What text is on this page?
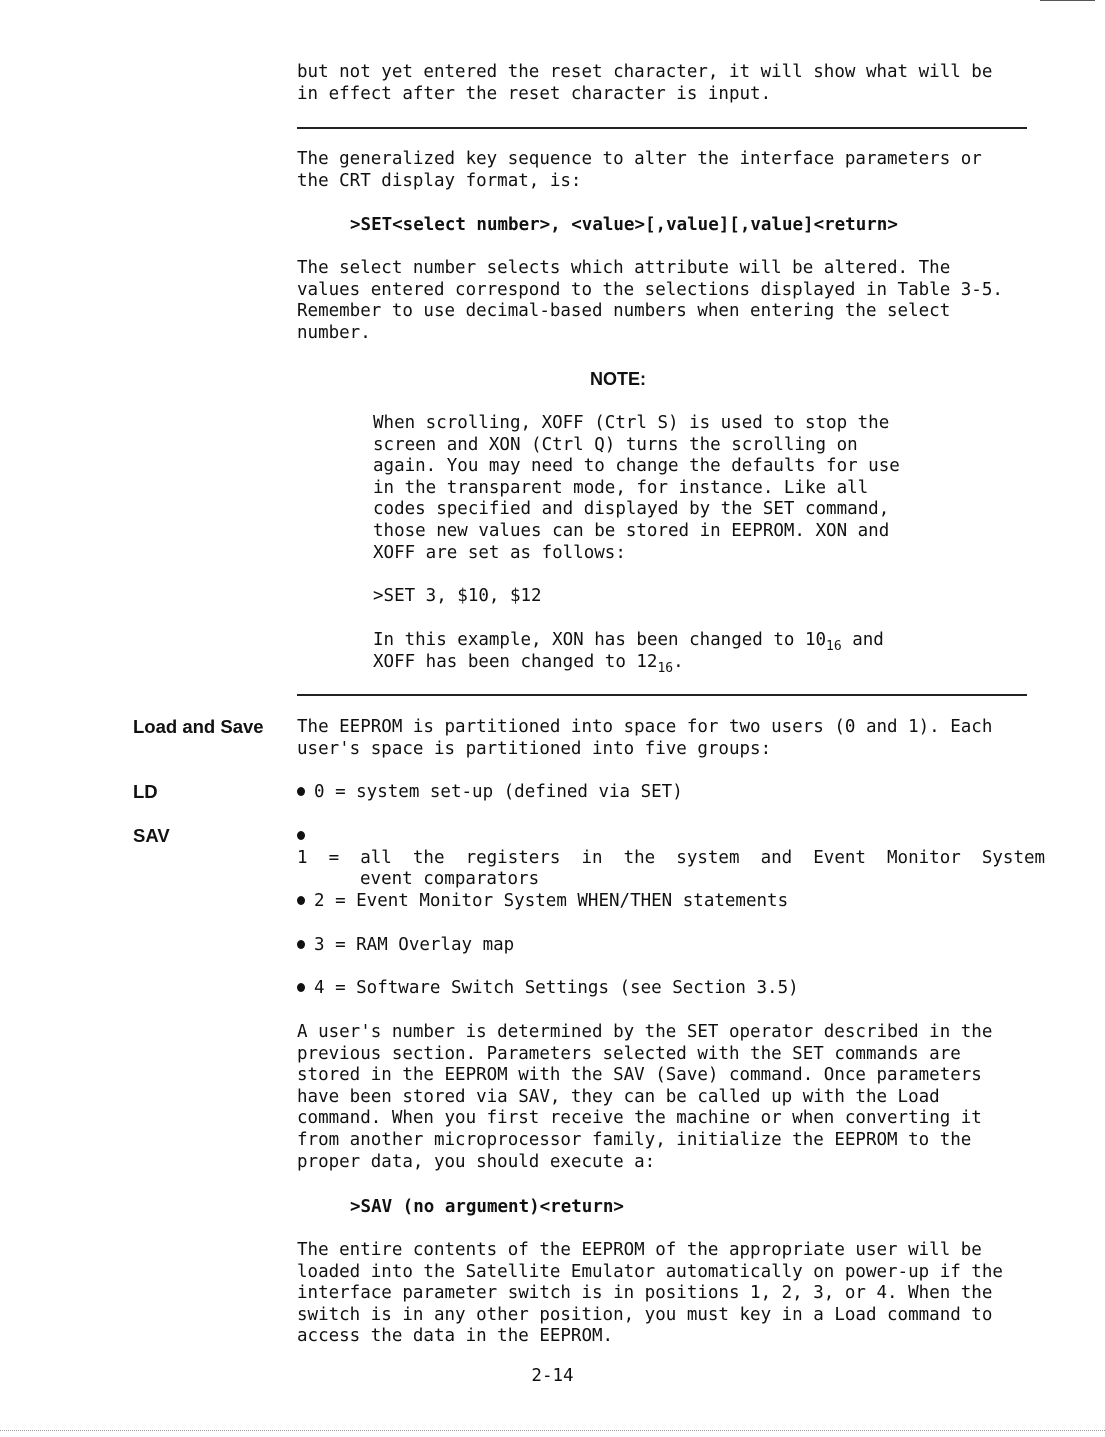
but not yet entered the reset character, it will show what will be
in effect after the reset character is input.
The generalized key sequence to alter the interface parameters or
the CRT display format, is:
>SET<select number>, <value>[,value][,value]<return>
The select number selects which attribute will be altered. The
values entered correspond to the selections displayed in Table 3-5.
Remember to use decimal-based numbers when entering the select
number.
NOTE:
When scrolling, XOFF (Ctrl S) is used to stop the
screen and XON (Ctrl Q) turns the scrolling on
again. You may need to change the defaults for use
in the transparent mode, for instance. Like all
codes specified and displayed by the SET command,
those new values can be stored in EEPROM. XON and
XOFF are set as follows:
>SET 3, $10, $12
In this example, XON has been changed to $10_{16}$ and
XOFF has been changed to $12_{16}$.
Load and Save
LD
SAV
The EEPROM is partitioned into space for two users (0 and 1). Each
user's space is partitioned into five groups:
0 = system set-up (defined via SET)
1  =  all  the  registers  in  the  system  and  Event  Monitor  System
event comparators
2 = Event Monitor System WHEN/THEN statements
3 = RAM Overlay map
4 = Software Switch Settings (see Section 3.5)
A user's number is determined by the SET operator described in the
previous section. Parameters selected with the SET commands are
stored in the EEPROM with the SAV (Save) command. Once parameters
have been stored via SAV, they can be called up with the Load
command. When you first receive the machine or when converting it
from another microprocessor family, initialize the EEPROM to the
proper data, you should execute a:
>SAV (no argument)<return>
The entire contents of the EEPROM of the appropriate user will be
loaded into the Satellite Emulator automatically on power-up if the
interface parameter switch is in positions 1, 2, 3, or 4. When the
switch is in any other position, you must key in a Load command to
access the data in the EEPROM.
2-14
